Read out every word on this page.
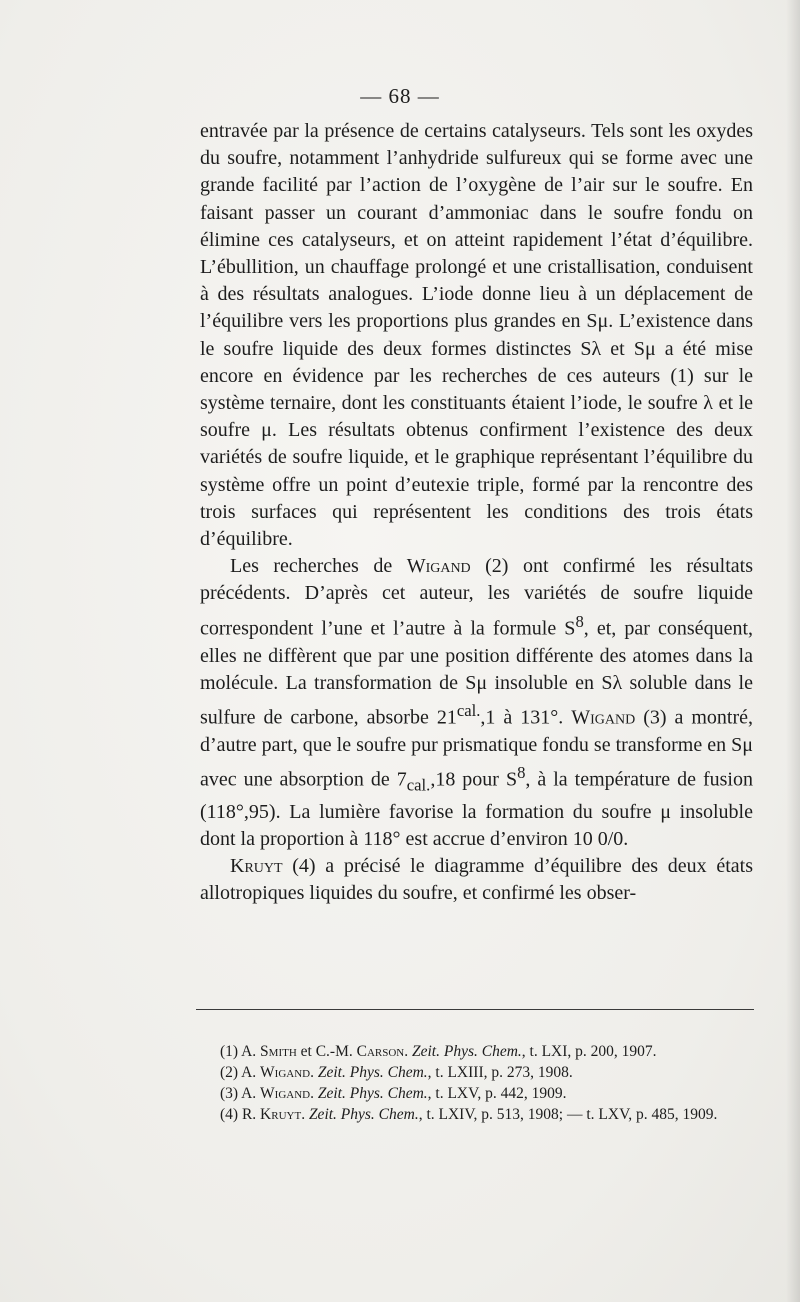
— 68 —

entravée par la présence de certains catalyseurs. Tels sont les oxydes du soufre, notamment l’anhydride sulfureux qui se forme avec une grande facilité par l’action de l’oxygène de l’air sur le soufre. En faisant passer un courant d’ammoniac dans le soufre fondu on élimine ces catalyseurs, et on atteint rapidement l’état d’équilibre. L’ébullition, un chauffage prolongé et une cristallisation, conduisent à des résultats analogues. L’iode donne lieu à un déplacement de l’équilibre vers les proportions plus grandes en Sμ. L’existence dans le soufre liquide des deux formes distinctes Sλ et Sμ a été mise encore en évidence par les recherches de ces auteurs (1) sur le système ternaire, dont les constituants étaient l’iode, le soufre λ et le soufre μ. Les résultats obtenus confirment l’existence des deux variétés de soufre liquide, et le graphique représentant l’équilibre du système offre un point d’eutexie triple, formé par la rencontre des trois surfaces qui représentent les conditions des trois états d’équilibre.

Les recherches de Wigand (2) ont confirmé les résultats précédents. D’après cet auteur, les variétés de soufre liquide correspondent l’une et l’autre à la formule $S^8$, et, par conséquent, elles ne diffèrent que par une position différente des atomes dans la molécule. La transformation de Sμ insoluble en Sλ soluble dans le sulfure de carbone, absorbe $21^{cal.},1$ à 131°. Wigand (3) a montré, d’autre part, que le soufre pur prismatique fondu se transforme en Sμ avec une absorption de $7_{cal.},18$ pour $S^8$, à la température de fusion (118°,95). La lumière favorise la formation du soufre μ insoluble dont la proportion à 118° est accrue d’environ 10 0/0.

Kruyt (4) a précisé le diagramme d’équilibre des deux états allotropiques liquides du soufre, et confirmé les obser-

(1) A. Smith et C.-M. Carson. Zeit. Phys. Chem., t. LXI, p. 200, 1907.

(2) A. Wigand. Zeit. Phys. Chem., t. LXIII, p. 273, 1908.

(3) A. Wigand. Zeit. Phys. Chem., t. LXV, p. 442, 1909.

(4) R. Kruyt. Zeit. Phys. Chem., t. LXIV, p. 513, 1908; — t. LXV, p. 485, 1909.
